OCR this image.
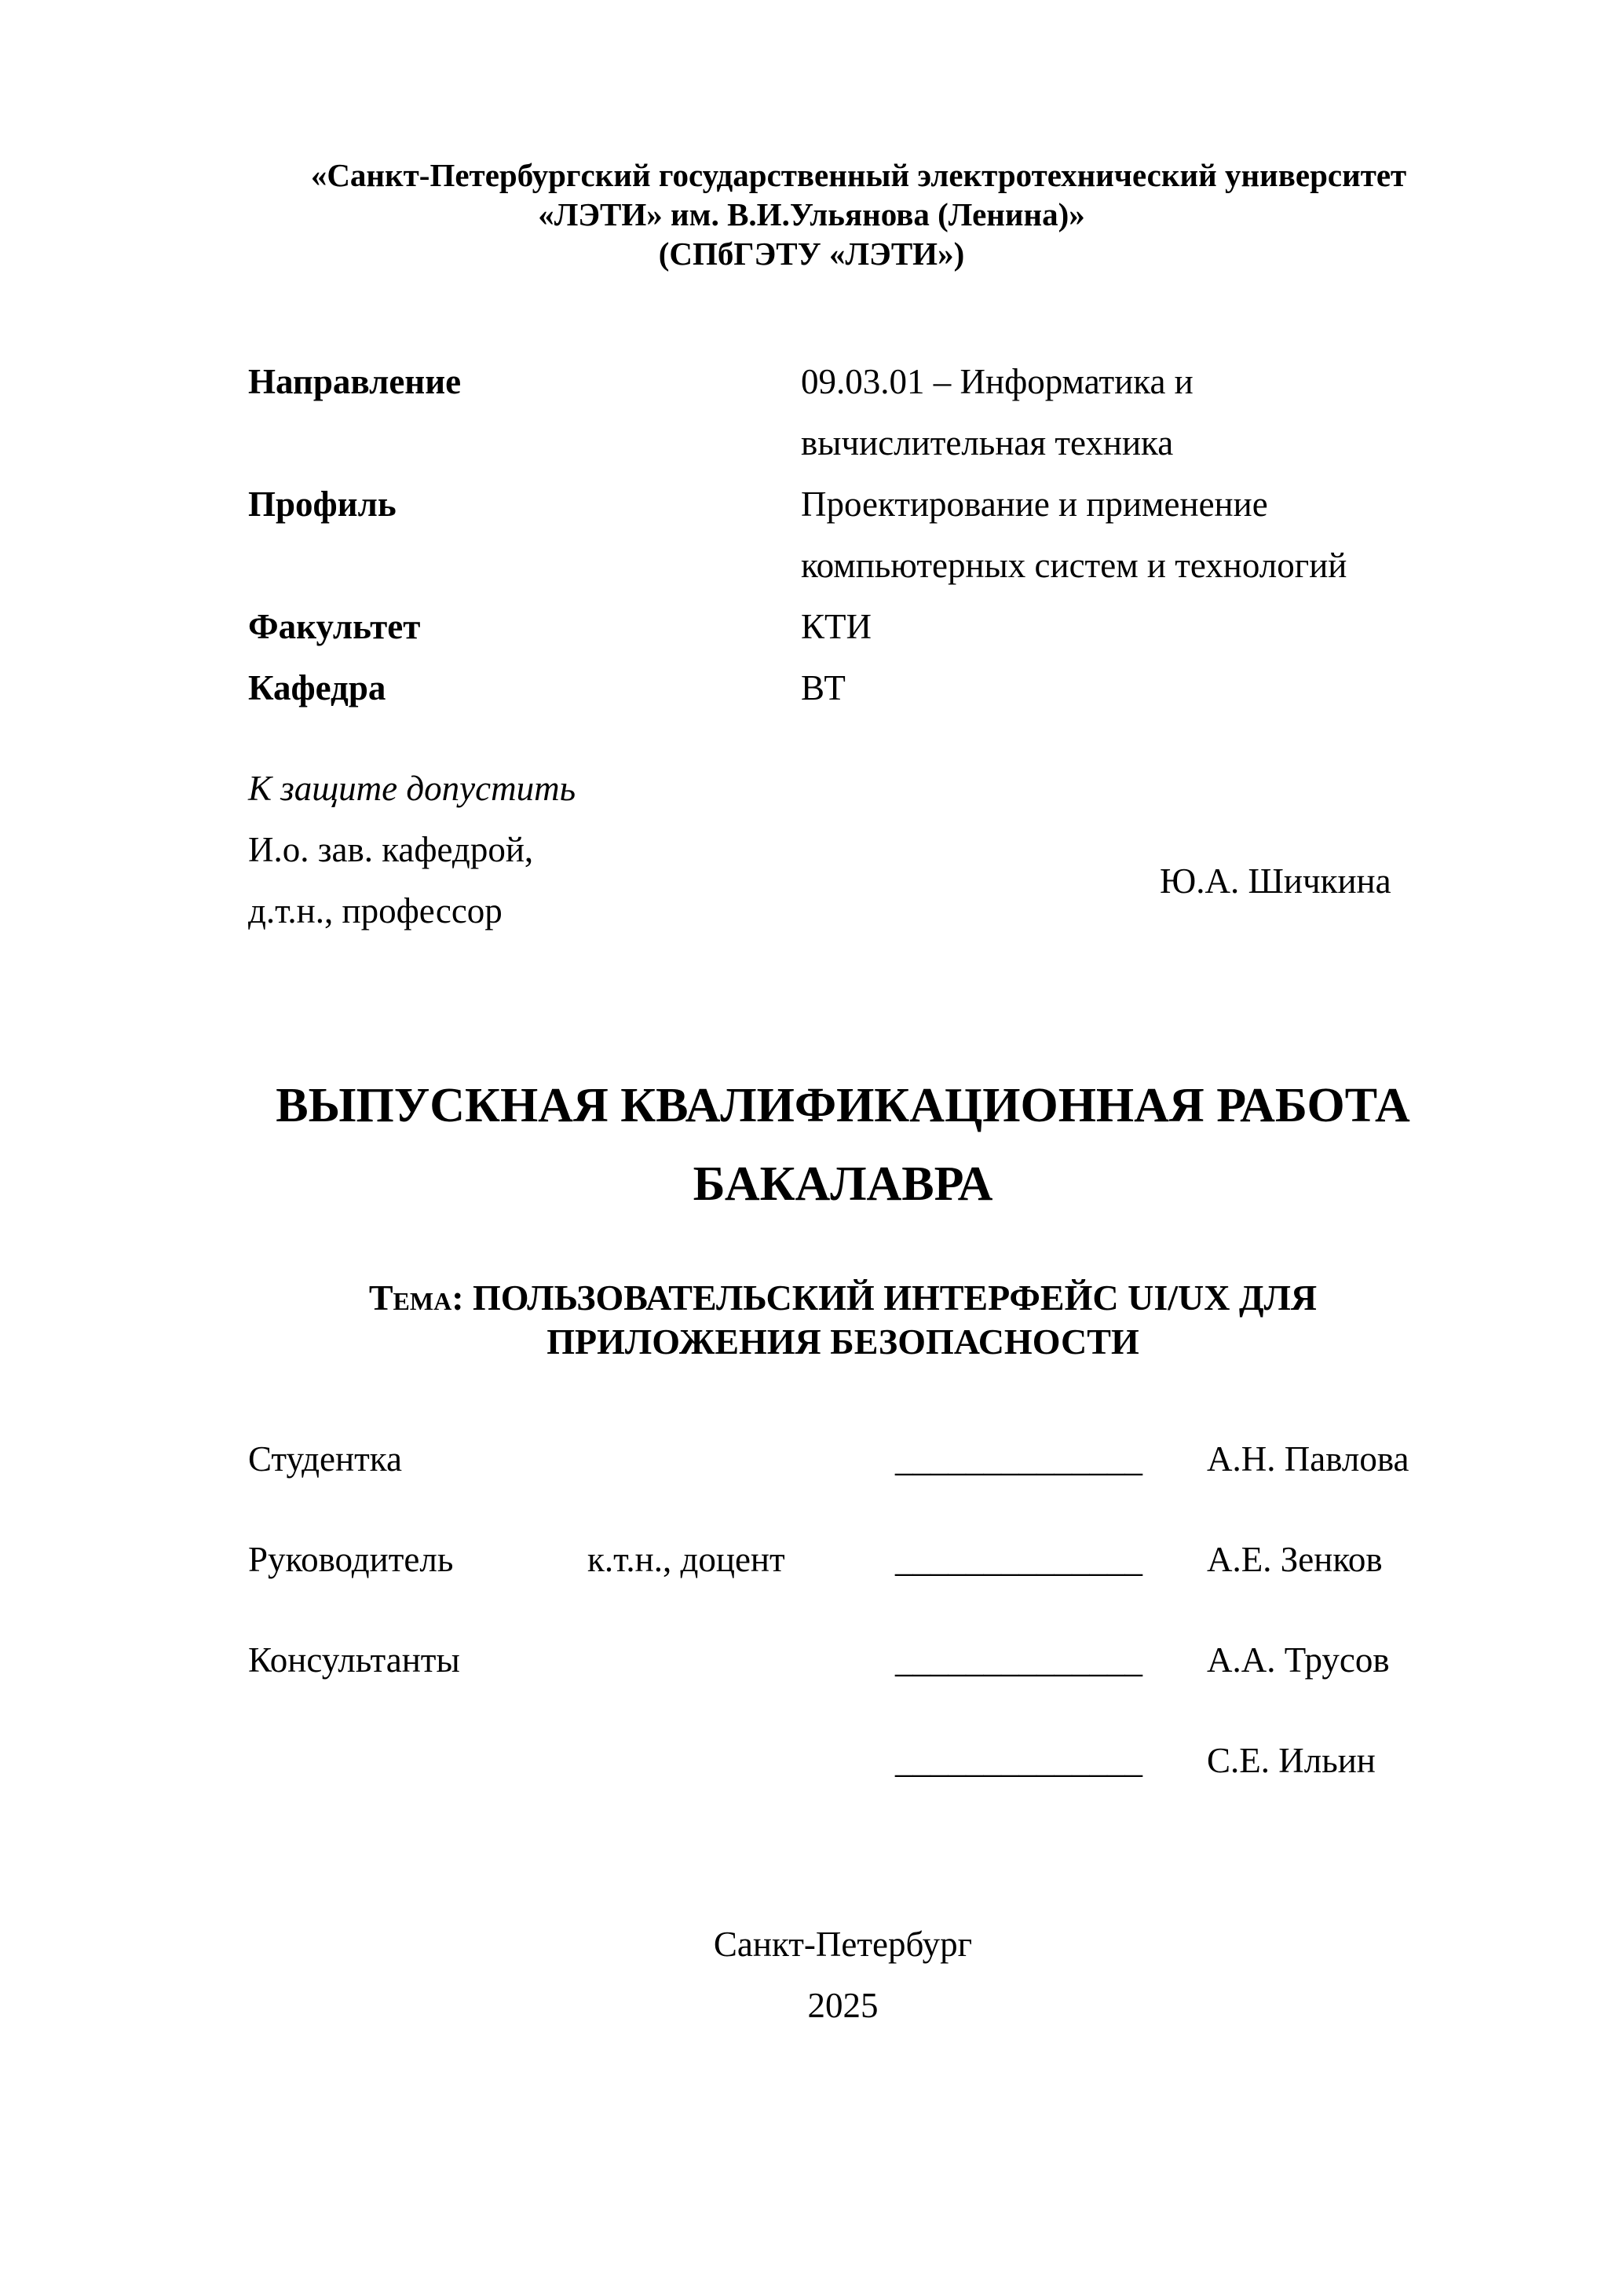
«Санкт-Петербургский государственный электротехнический университет
«ЛЭТИ» им. В.И.Ульянова (Ленина)»
(СПбГЭТУ «ЛЭТИ»)
Направление	09.03.01 – Информатика и
вычислительная техника
Профиль	Проектирование и применение
компьютерных систем и технологий
Факультет	КТИ
Кафедра	ВТ
К защите допустить
И.о. зав. кафедрой,
д.т.н., профессор
Ю.А. Шичкина
ВЫПУСКНАЯ КВАЛИФИКАЦИОННАЯ РАБОТА
БАКАЛАВРА
Тема: ПОЛЬЗОВАТЕЛЬСКИЙ ИНТЕРФЕЙС UI/UX ДЛЯ
ПРИЛОЖЕНИЯ БЕЗОПАСНОСТИ
Студентка	______________ А.Н. Павлова
Руководитель	к.т.н., доцент	______________ А.Е. Зенков
Консультанты	______________ А.А. Трусов
______________ С.Е. Ильин
Санкт-Петербург
2025
